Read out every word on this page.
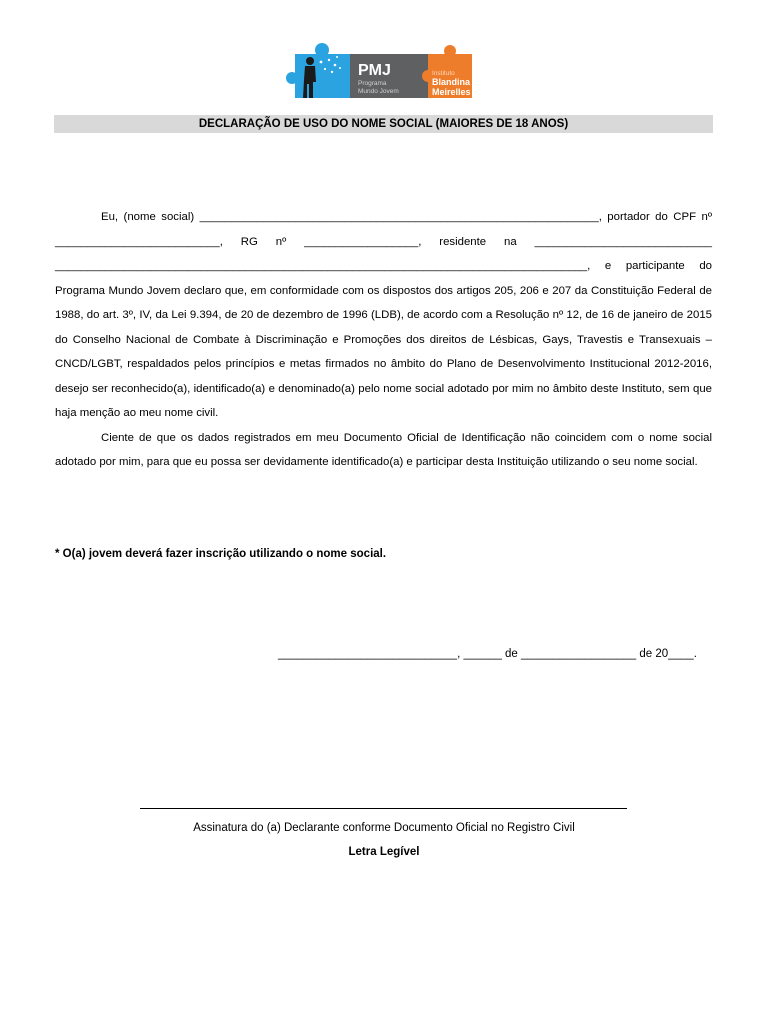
PMJ
Programa
Mundo Jovem
Instituto
Blandina
Meirelles
DECLARAÇÃO DE USO DO NOME SOCIAL (MAIORES DE 18 ANOS)

Eu, (nome social) _______________________________________________________________, portador do CPF nº __________________________, RG nº __________________, residente na ____________________________ ____________________________________________________________________________________, e participante do Programa Mundo Jovem declaro que, em conformidade com os dispostos dos artigos 205, 206 e 207 da Constituição Federal de 1988, do art. 3º, IV, da Lei 9.394, de 20 de dezembro de 1996 (LDB), de acordo com a Resolução nº 12, de 16 de janeiro de 2015 do Conselho Nacional de Combate à Discriminação e Promoções dos direitos de Lésbicas, Gays, Travestis e Transexuais – CNCD/LGBT, respaldados pelos princípios e metas firmados no âmbito do Plano de Desenvolvimento Institucional 2012-2016, desejo ser reconhecido(a), identificado(a) e denominado(a) pelo nome social adotado por mim no âmbito deste Instituto, sem que haja menção ao meu nome civil.

Ciente de que os dados registrados em meu Documento Oficial de Identificação não coincidem com o nome social adotado por mim, para que eu possa ser devidamente identificado(a) e participar desta Instituição utilizando o seu nome social.

* O(a) jovem deverá fazer inscrição utilizando o nome social.
____________________________, ______ de __________________ de 20____.
Assinatura do (a) Declarante conforme Documento Oficial no Registro Civil
Letra Legível
